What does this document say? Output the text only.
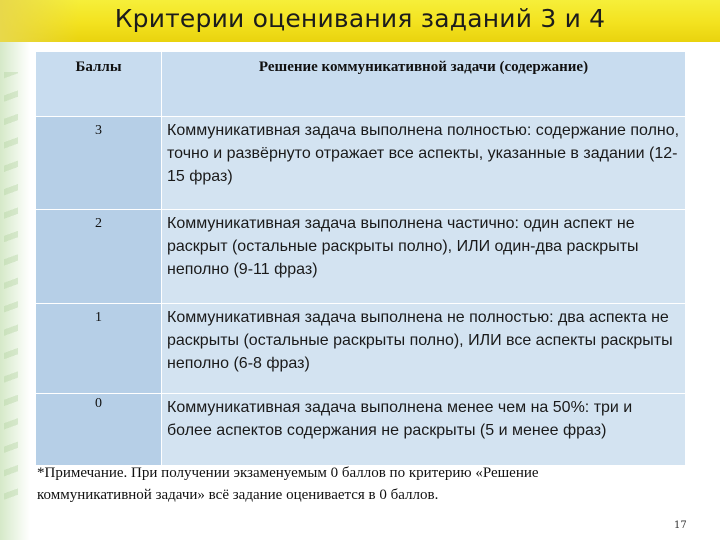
Критерии оценивания заданий 3 и 4
Баллы	Решение коммуникативной задачи (содержание)
3	Коммуникативная задача выполнена полностью: содержание полно, точно и развёрнуто отражает все аспекты, указанные в задании (12-15 фраз)
2	Коммуникативная задача выполнена частично: один аспект не раскрыт (остальные раскрыты полно), ИЛИ один-два раскрыты неполно (9-11 фраз)
1	Коммуникативная задача выполнена не полностью: два аспекта не раскрыты (остальные раскрыты полно), ИЛИ все аспекты раскрыты неполно (6-8 фраз)
0	Коммуникативная задача выполнена менее чем на 50%: три и более аспектов содержания не раскрыты (5 и менее фраз)
*Примечание. При получении экзаменуемым 0 баллов по критерию «Решение коммуникативной задачи» всё задание оценивается в 0 баллов.
17
